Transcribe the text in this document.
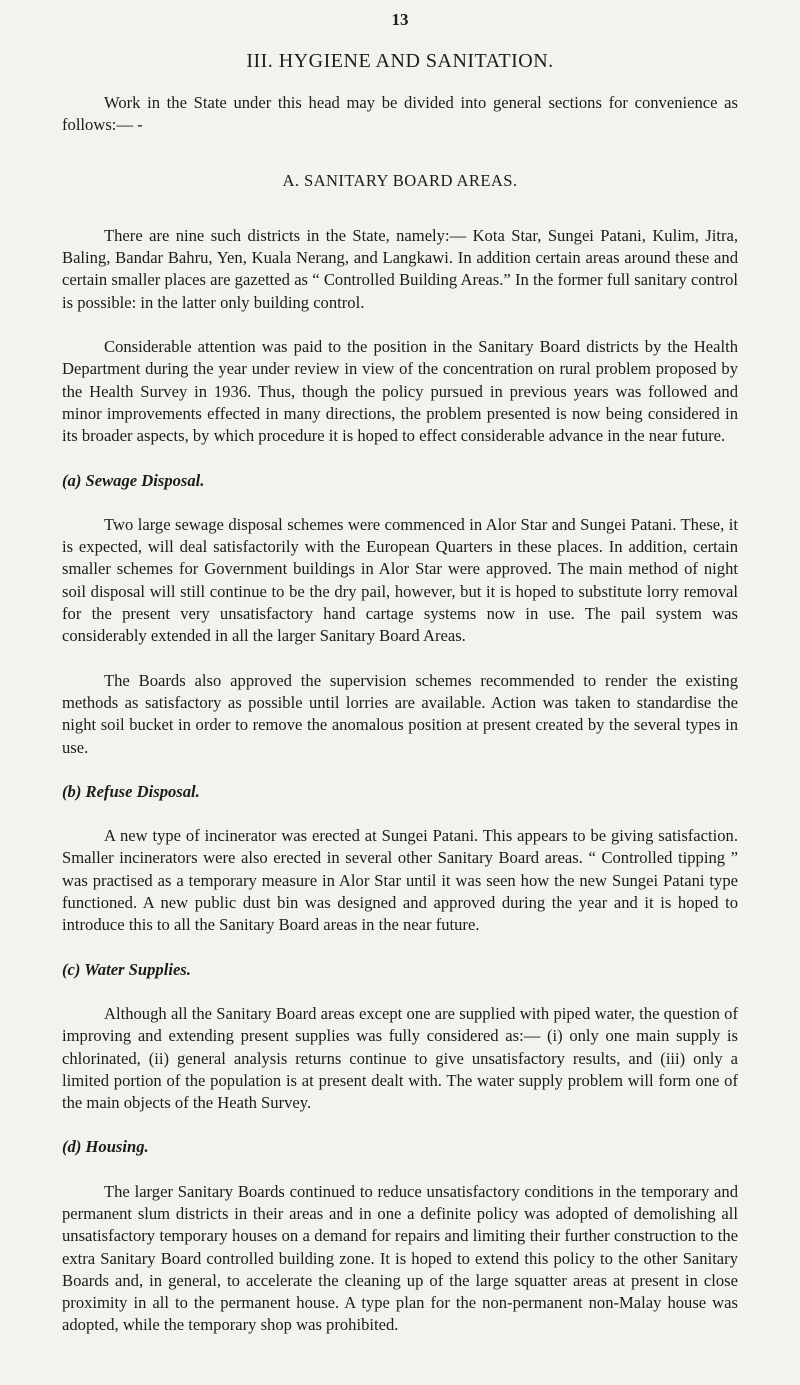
13
III. HYGIENE AND SANITATION.

Work in the State under this head may be divided into general sections for convenience as follows:— -

A. SANITARY BOARD AREAS.

There are nine such districts in the State, namely:— Kota Star, Sungei Patani, Kulim, Jitra, Baling, Bandar Bahru, Yen, Kuala Nerang, and Langkawi. In addition certain areas around these and certain smaller places are gazetted as “ Controlled Building Areas.” In the former full sanitary control is possible: in the latter only building control.

Considerable attention was paid to the position in the Sanitary Board districts by the Health Department during the year under review in view of the concentration on rural problem proposed by the Health Survey in 1936. Thus, though the policy pursued in previous years was followed and minor improvements effected in many directions, the problem presented is now being considered in its broader aspects, by which procedure it is hoped to effect considerable advance in the near future.

(a) Sewage Disposal.

Two large sewage disposal schemes were commenced in Alor Star and Sungei Patani. These, it is expected, will deal satisfactorily with the European Quarters in these places. In addition, certain smaller schemes for Government buildings in Alor Star were approved. The main method of night soil disposal will still continue to be the dry pail, however, but it is hoped to substitute lorry removal for the present very unsatisfactory hand cartage systems now in use. The pail system was considerably extended in all the larger Sanitary Board Areas.

The Boards also approved the supervision schemes recommended to render the existing methods as satisfactory as possible until lorries are available. Action was taken to standardise the night soil bucket in order to remove the anomalous position at present created by the several types in use.

(b) Refuse Disposal.

A new type of incinerator was erected at Sungei Patani. This appears to be giving satisfaction. Smaller incinerators were also erected in several other Sanitary Board areas. “ Controlled tipping ” was practised as a temporary measure in Alor Star until it was seen how the new Sungei Patani type functioned. A new public dust bin was designed and approved during the year and it is hoped to introduce this to all the Sanitary Board areas in the near future.

(c) Water Supplies.

Although all the Sanitary Board areas except one are supplied with piped water, the question of improving and extending present supplies was fully considered as:— (i) only one main supply is chlorinated, (ii) general analysis returns continue to give unsatisfactory results, and (iii) only a limited portion of the population is at present dealt with. The water supply problem will form one of the main objects of the Heath Survey.

(d) Housing.

The larger Sanitary Boards continued to reduce unsatisfactory conditions in the temporary and permanent slum districts in their areas and in one a definite policy was adopted of demolishing all unsatisfactory temporary houses on a demand for repairs and limiting their further construction to the extra Sanitary Board controlled building zone. It is hoped to extend this policy to the other Sanitary Boards and, in general, to accelerate the cleaning up of the large squatter areas at present in close proximity in all to the permanent house. A type plan for the non-permanent non-Malay house was adopted, while the temporary shop was prohibited.
